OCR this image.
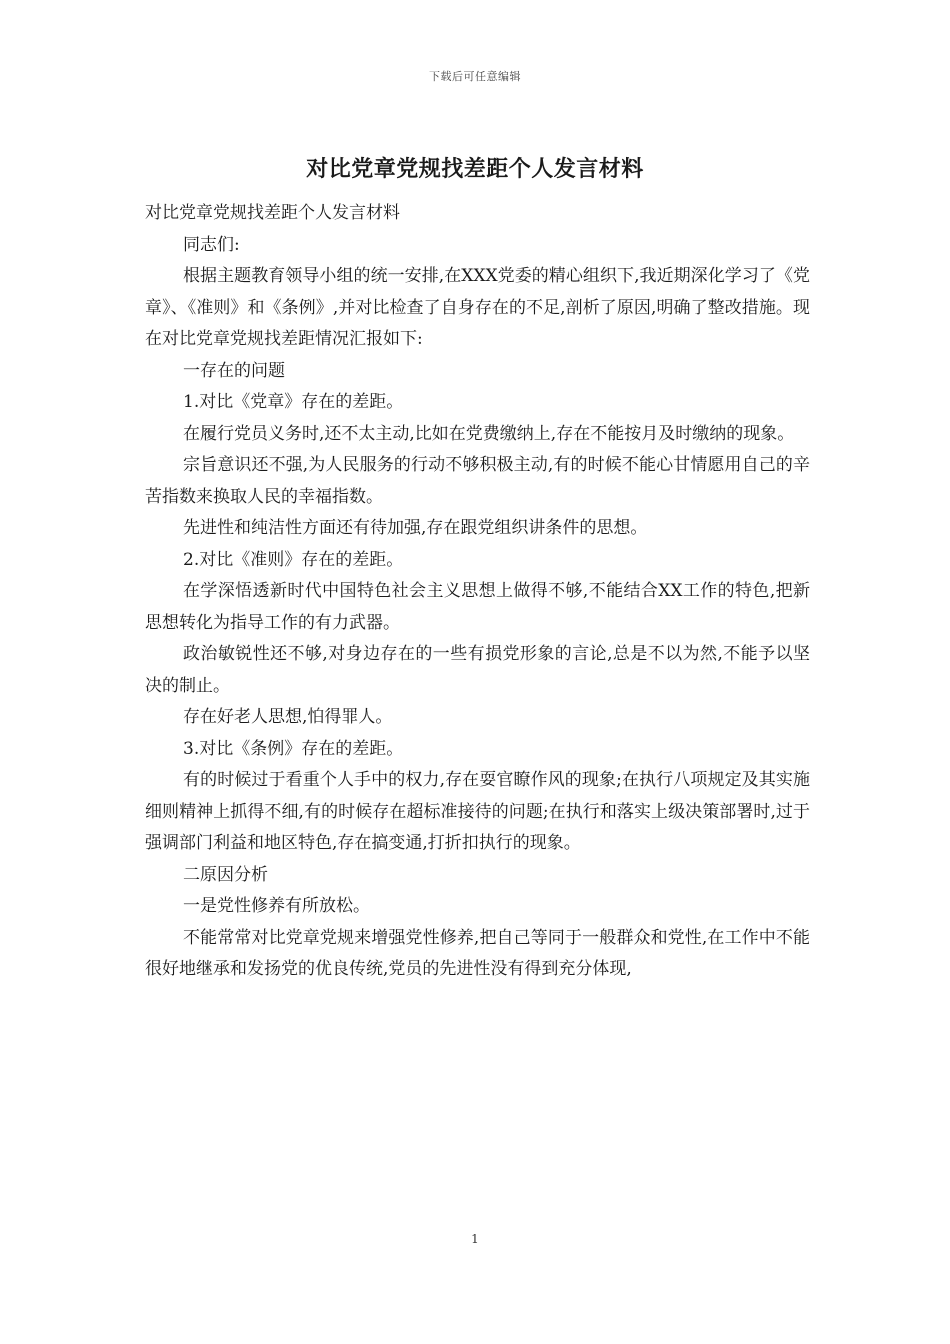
下载后可任意编辑
对比党章党规找差距个人发言材料

对比党章党规找差距个人发言材料

同志们:

根据主题教育领导小组的统一安排,在XXX党委的精心组织下,我近期深化学习了《党章》、《准则》和《条例》,并对比检查了自身存在的不足,剖析了原因,明确了整改措施。现在对比党章党规找差距情况汇报如下:

一存在的问题

1.对比《党章》存在的差距。

在履行党员义务时,还不太主动,比如在党费缴纳上,存在不能按月及时缴纳的现象。

宗旨意识还不强,为人民服务的行动不够积极主动,有的时候不能心甘情愿用自己的辛苦指数来换取人民的幸福指数。

先进性和纯洁性方面还有待加强,存在跟党组织讲条件的思想。

2.对比《准则》存在的差距。

在学深悟透新时代中国特色社会主义思想上做得不够,不能结合XX工作的特色,把新思想转化为指导工作的有力武器。

政治敏锐性还不够,对身边存在的一些有损党形象的言论,总是不以为然,不能予以坚决的制止。

存在好老人思想,怕得罪人。

3.对比《条例》存在的差距。

有的时候过于看重个人手中的权力,存在耍官瞭作风的现象;在执行八项规定及其实施细则精神上抓得不细,有的时候存在超标准接待的问题;在执行和落实上级决策部署时,过于强调部门利益和地区特色,存在搞变通,打折扣执行的现象。

二原因分析

一是党性修养有所放松。

不能常常对比党章党规来增强党性修养,把自己等同于一般群众和党性,在工作中不能很好地继承和发扬党的优良传统,党员的先进性没有得到充分体现,

1
